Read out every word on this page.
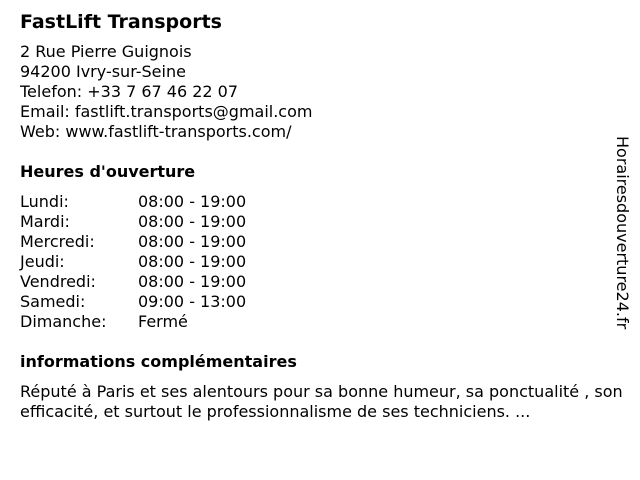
FastLift Transports
2 Rue Pierre Guignois
94200 Ivry-sur-Seine
Telefon: +33 7 67 46 22 07
Email: fastlift.transports@gmail.com
Web: www.fastlift-transports.com/
Heures d'ouverture
Lundi:	08:00 - 19:00
Mardi:	08:00 - 19:00
Mercredi:	08:00 - 19:00
Jeudi:	08:00 - 19:00
Vendredi:	08:00 - 19:00
Samedi:	09:00 - 13:00
Dimanche:	Fermé
informations complémentaires
Réputé à Paris et ses alentours pour sa bonne humeur, sa ponctualité , son efficacité, et surtout le professionnalisme de ses techniciens. ...
Horairesdouverture24.fr
